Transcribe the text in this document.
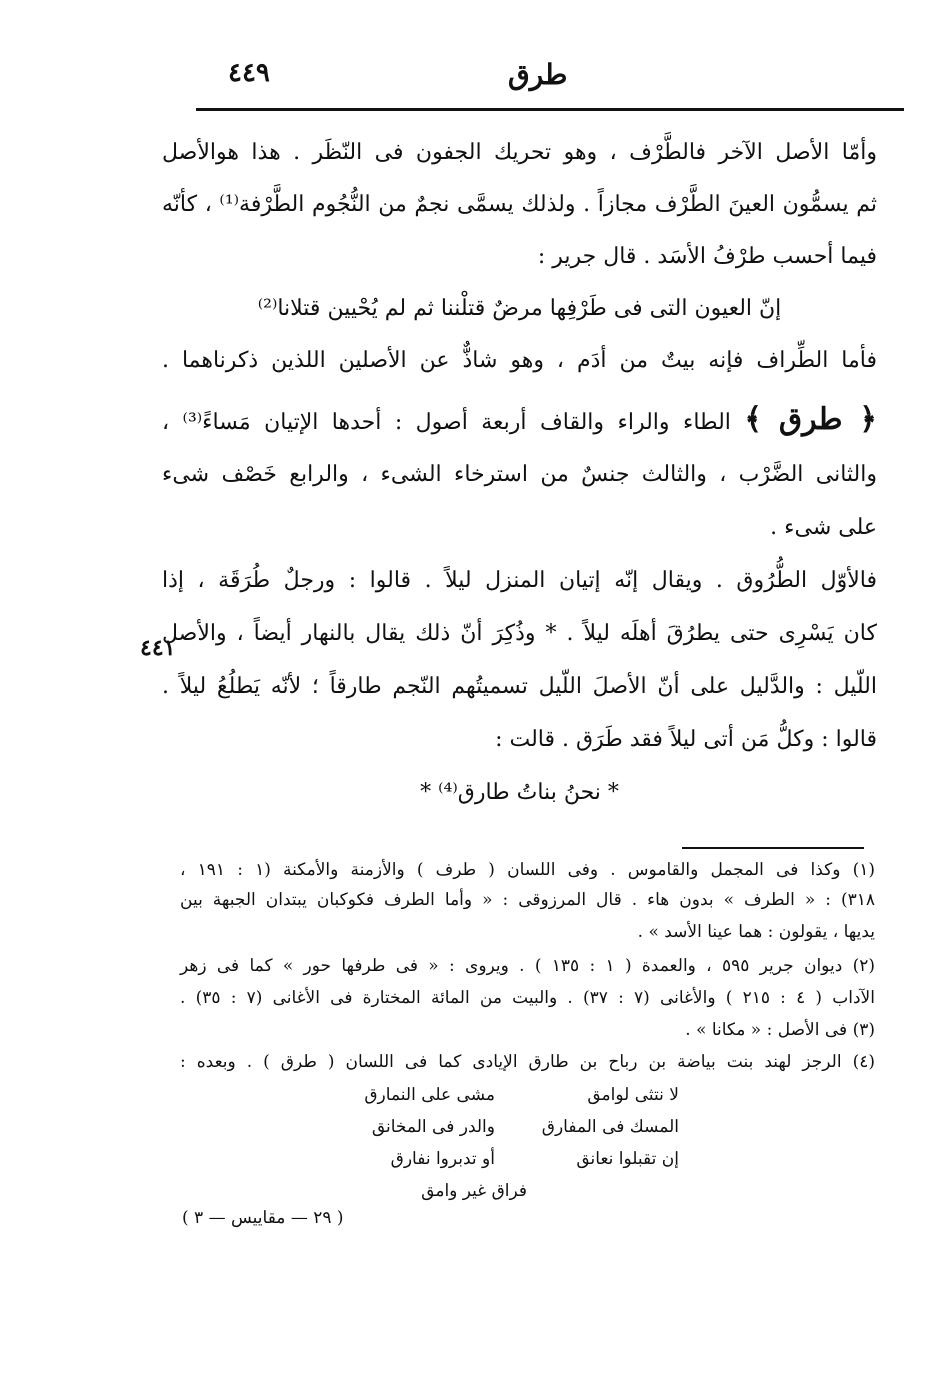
٤٤٩	طرق
وأمّا الأصل الآخر فالطَّرْف ، وهو تحريك الجفون فى النّظَر . هذا هوالأصل
ثم يسمُّون العينَ الطَّرْف مجازاً . ولذلك يسمَّى نجمٌ من النُّجُوم الطَّرْفة⁽¹⁾ ، كأنّه
فيما أحسب طرْفُ الأسَد . قال جرير :
إنّ العيون التى فى طَرْفِها مرضٌ قتلْننا ثم لم يُحْيين قتلانا⁽²⁾
فأما الطِّراف فإنه بيتٌ من أدَم ، وهو شاذٌّ عن الأصلين اللذين ذكرناهما .
﴿ طرق ﴾ الطاء والراء والقاف أربعة أصول : أحدها الإتيان مَساءً⁽³⁾ ،
والثانى الضَّرْب ، والثالث جنسٌ من استرخاء الشىء ، والرابع خَصْف شىء
على شىء .
فالأوّل الطُّرُوق . ويقال إنّه إتيان المنزل ليلاً . قالوا : ورجلٌ طُرَقَة ، إذا
كان يَسْرِى حتى يطرُقَ أهلَه ليلاً . * وذُكِرَ أنّ ذلك يقال بالنهار أيضاً ، والأصل
اللّيل : والدَّليل على أنّ الأصلَ اللّيل تسميتُهم النّجم طارقاً ؛ لأنّه يَطلُعُ ليلاً .
قالوا : وكلُّ مَن أتى ليلاً فقد طَرَق . قالت :
* نحنُ بناتُ طارق⁽⁴⁾ *
٤٤١
(١) وكذا فى المجمل والقاموس . وفى اللسان ( طرف ) والأزمنة والأمكنة (١ : ١٩١ ،
٣١٨) : « الطرف » بدون هاء . قال المرزوقى : « وأما الطرف فكوكبان يبتدان الجبهة بين
يديها ، يقولون : هما عينا الأسد » .
(٢) ديوان جرير ٥٩٥ ، والعمدة ( ١ : ١٣٥ ) . ويروى : « فى طرفها حور » كما فى زهر
الآداب ( ٤ : ٢١٥ ) والأغانى (٧ : ٣٧) . والبيت من المائة المختارة فى الأغانى (٧ : ٣٥) .
(٣) فى الأصل : « مكانا » .
(٤) الرجز لهند بنت بياضة بن رباح بن طارق الإيادى كما فى اللسان ( طرق ) . وبعده :
لا نتثى لوامق
مشى على النمارق
المسك فى المفارق
والدر فى المخانق
إن تقبلوا نعانق
أو تدبروا نفارق
فراق غير وامق
( ٢٩ — مقاييس — ٣ )
